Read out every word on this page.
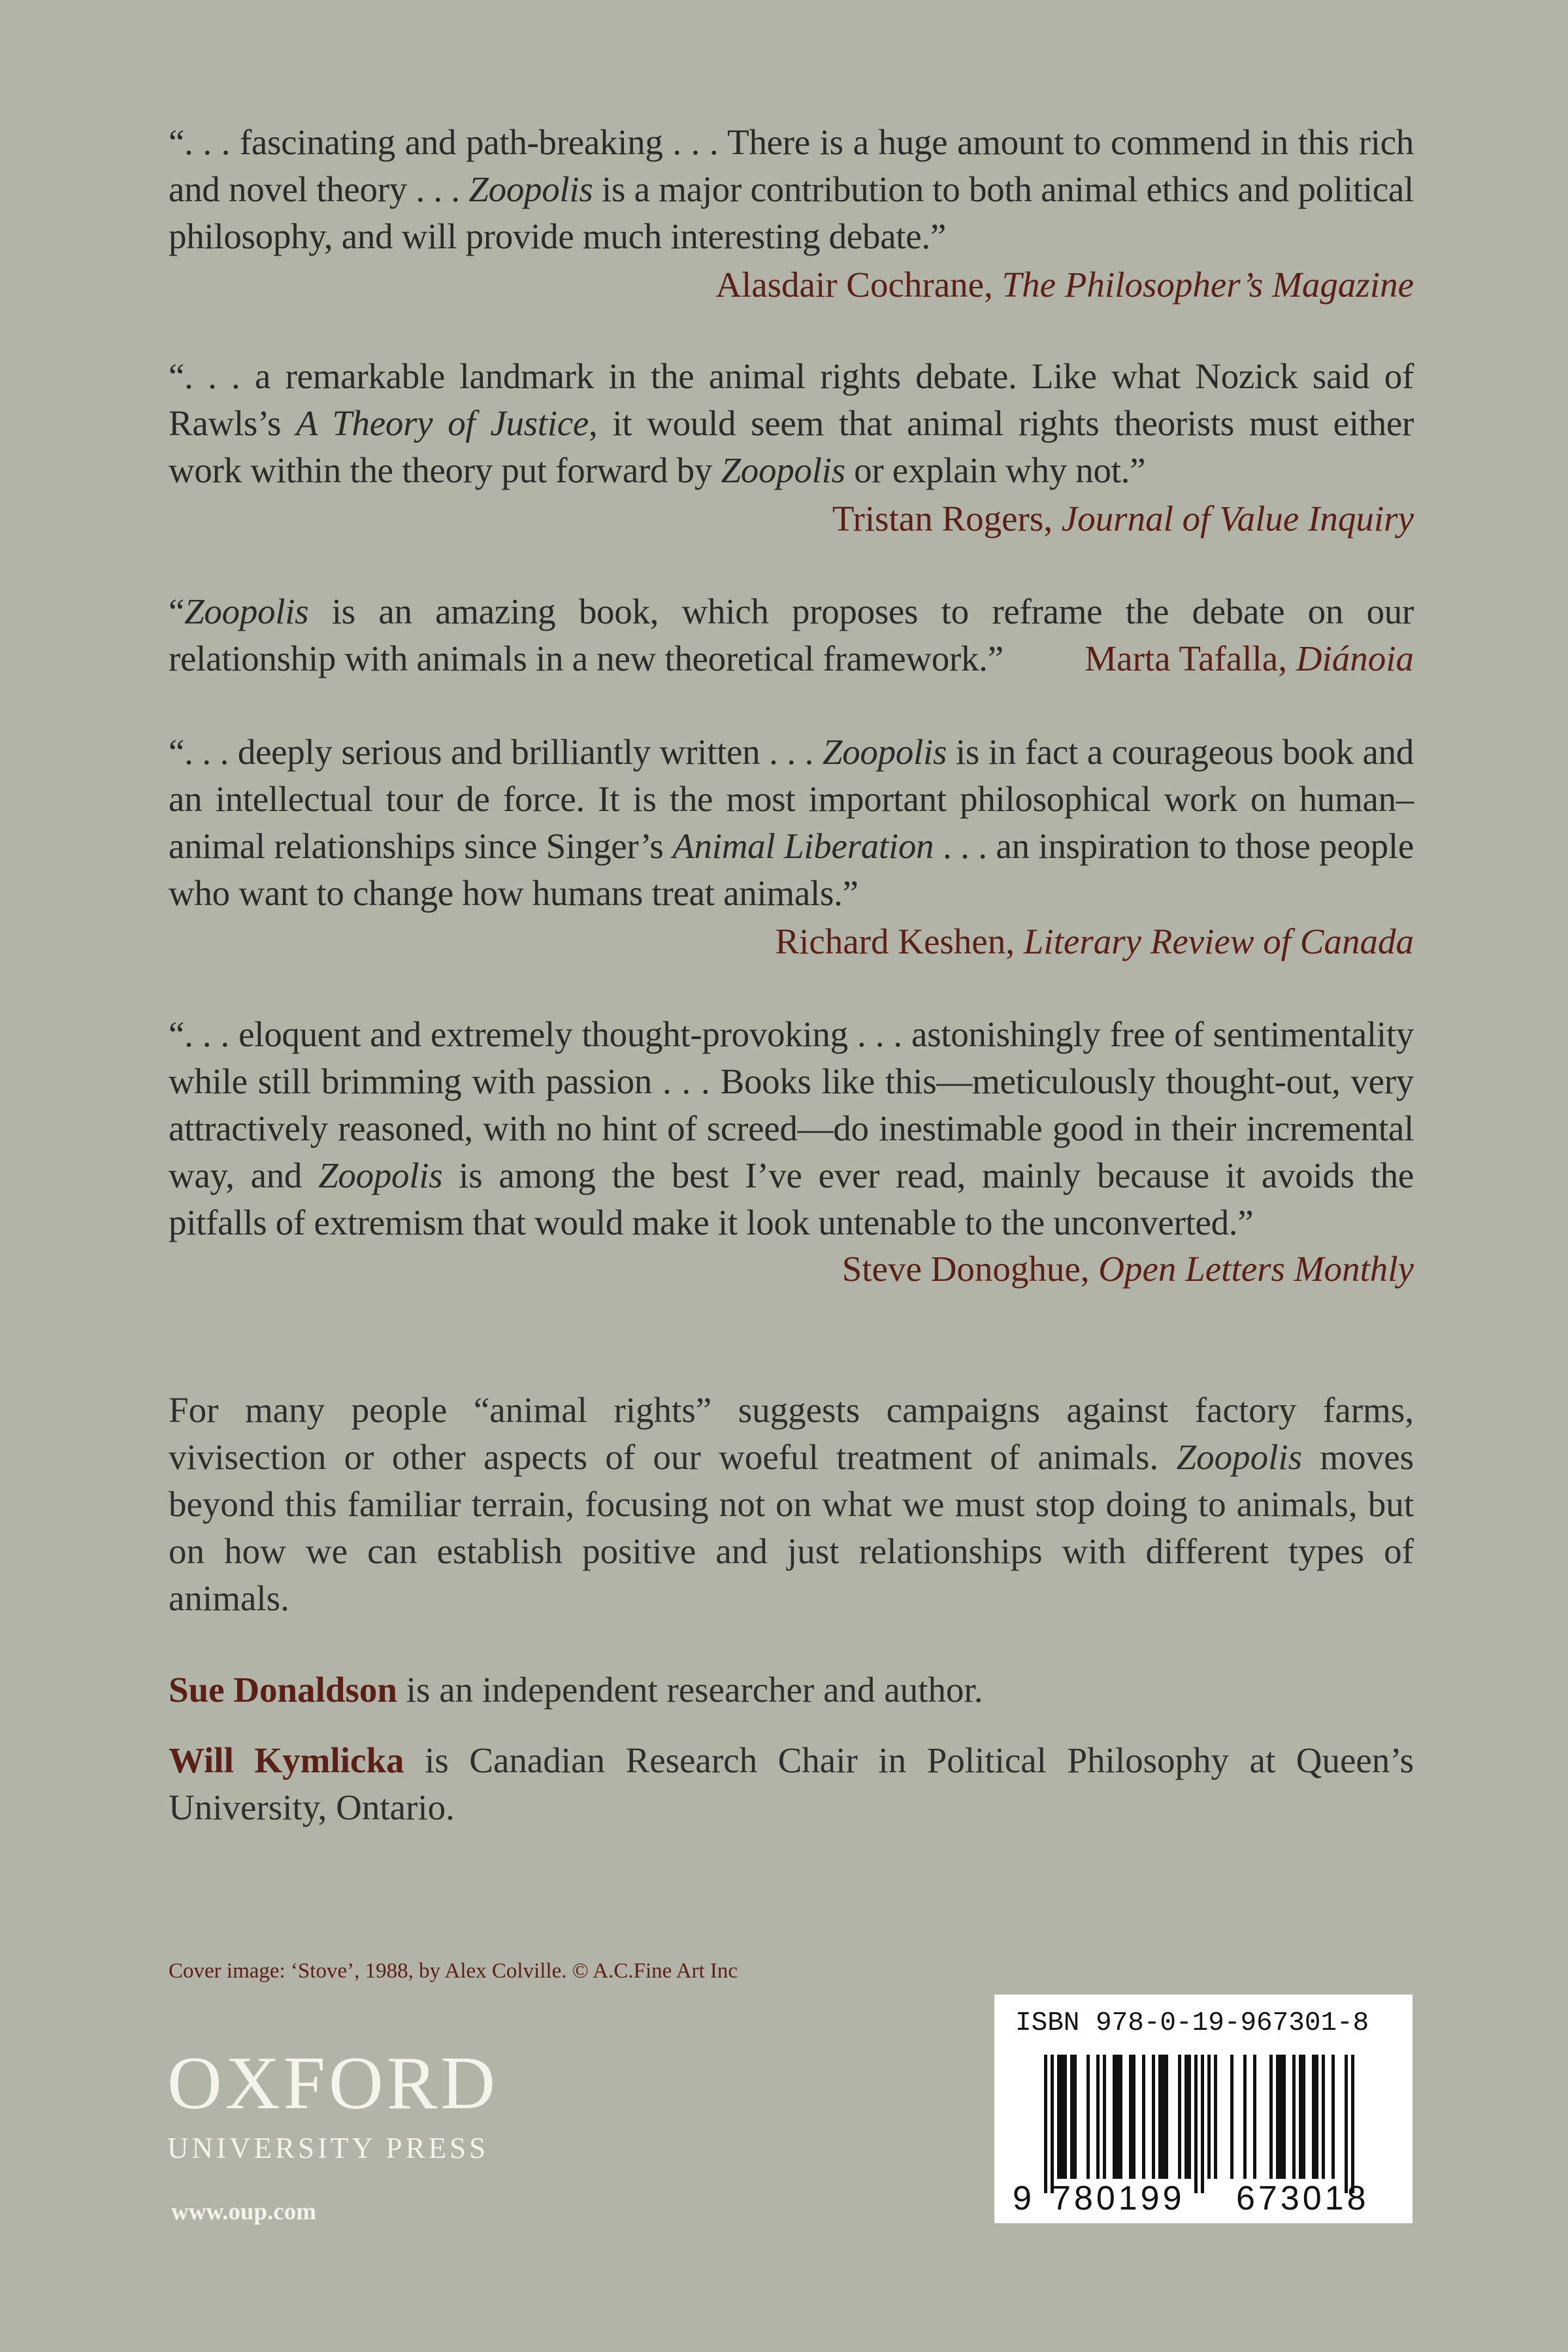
“. . . fascinating and path-breaking . . . There is a huge amount to commend in this rich and novel theory . . . Zoopolis is a major contribution to both animal ethics and political philosophy, and will provide much interesting debate.”
Alasdair Cochrane, The Philosopher’s Magazine
“. . . a remarkable landmark in the animal rights debate. Like what Nozick said of Rawls’s A Theory of Justice, it would seem that animal rights theorists must either work within the theory put forward by Zoopolis or explain why not.”
Tristan Rogers, Journal of Value Inquiry
“Zoopolis is an amazing book, which proposes to reframe the debate on our relationship with animals in a new theoretical framework.”	Marta Tafalla, Diánoia
“. . . deeply serious and brilliantly written . . . Zoopolis is in fact a courageous book and an intellectual tour de force. It is the most important philosophical work on human–animal relationships since Singer’s Animal Liberation . . . an inspiration to those people who want to change how humans treat animals.”
Richard Keshen, Literary Review of Canada
“. . . eloquent and extremely thought-provoking . . . astonishingly free of sentimentality while still brimming with passion . . . Books like this—meticulously thought-out, very attractively reasoned, with no hint of screed—do inestimable good in their incremental way, and Zoopolis is among the best I’ve ever read, mainly because it avoids the pitfalls of extremism that would make it look untenable to the unconverted.”
Steve Donoghue, Open Letters Monthly
For many people “animal rights” suggests campaigns against factory farms, vivisection or other aspects of our woeful treatment of animals. Zoopolis moves beyond this familiar terrain, focusing not on what we must stop doing to animals, but on how we can establish positive and just relationships with different types of animals.
Sue Donaldson is an independent researcher and author.
Will Kymlicka is Canadian Research Chair in Political Philosophy at Queen’s University, Ontario.
Cover image: ‘Stove’, 1988, by Alex Colville. © A.C.Fine Art Inc
OXFORD
UNIVERSITY PRESS
www.oup.com
ISBN 978-0-19-967301-8
9 780199 673018
